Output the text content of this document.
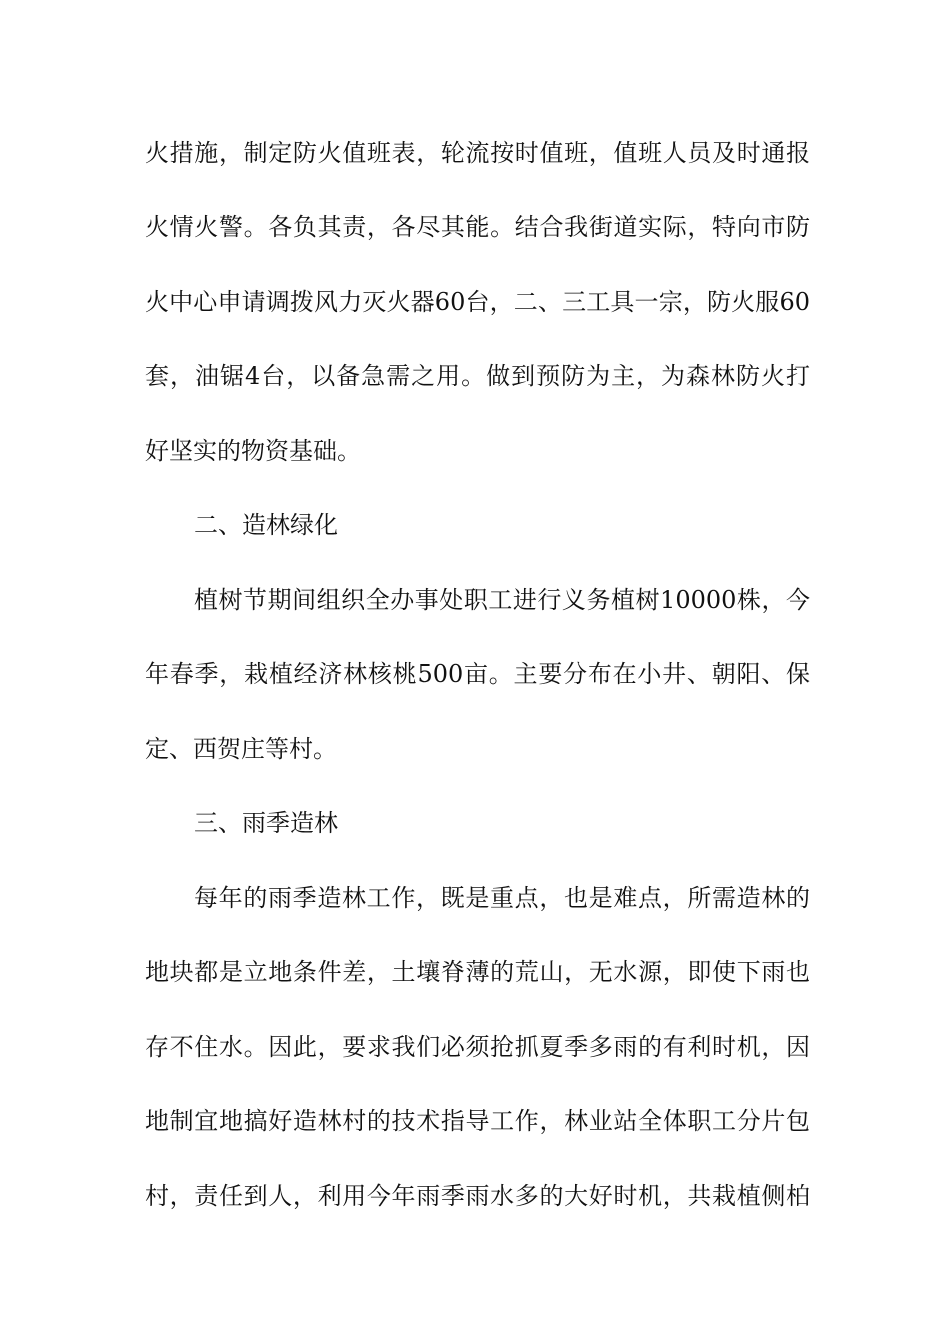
火措施，制定防火值班表，轮流按时值班，值班人员及时通报
火情火警。各负其责，各尽其能。结合我街道实际，特向市防
火中心申请调拨风力灭火器60台，二、三工具一宗，防火服60
套，油锯4台，以备急需之用。做到预防为主，为森林防火打
好坚实的物资基础。
二、造林绿化
植树节期间组织全办事处职工进行义务植树10000株，今
年春季，栽植经济林核桃500亩。主要分布在小井、朝阳、保
定、西贺庄等村。
三、雨季造林
每年的雨季造林工作，既是重点，也是难点，所需造林的
地块都是立地条件差，土壤脊薄的荒山，无水源，即使下雨也
存不住水。因此，要求我们必须抢抓夏季多雨的有利时机，因
地制宜地搞好造林村的技术指导工作，林业站全体职工分片包
村，责任到人，利用今年雨季雨水多的大好时机，共栽植侧柏
